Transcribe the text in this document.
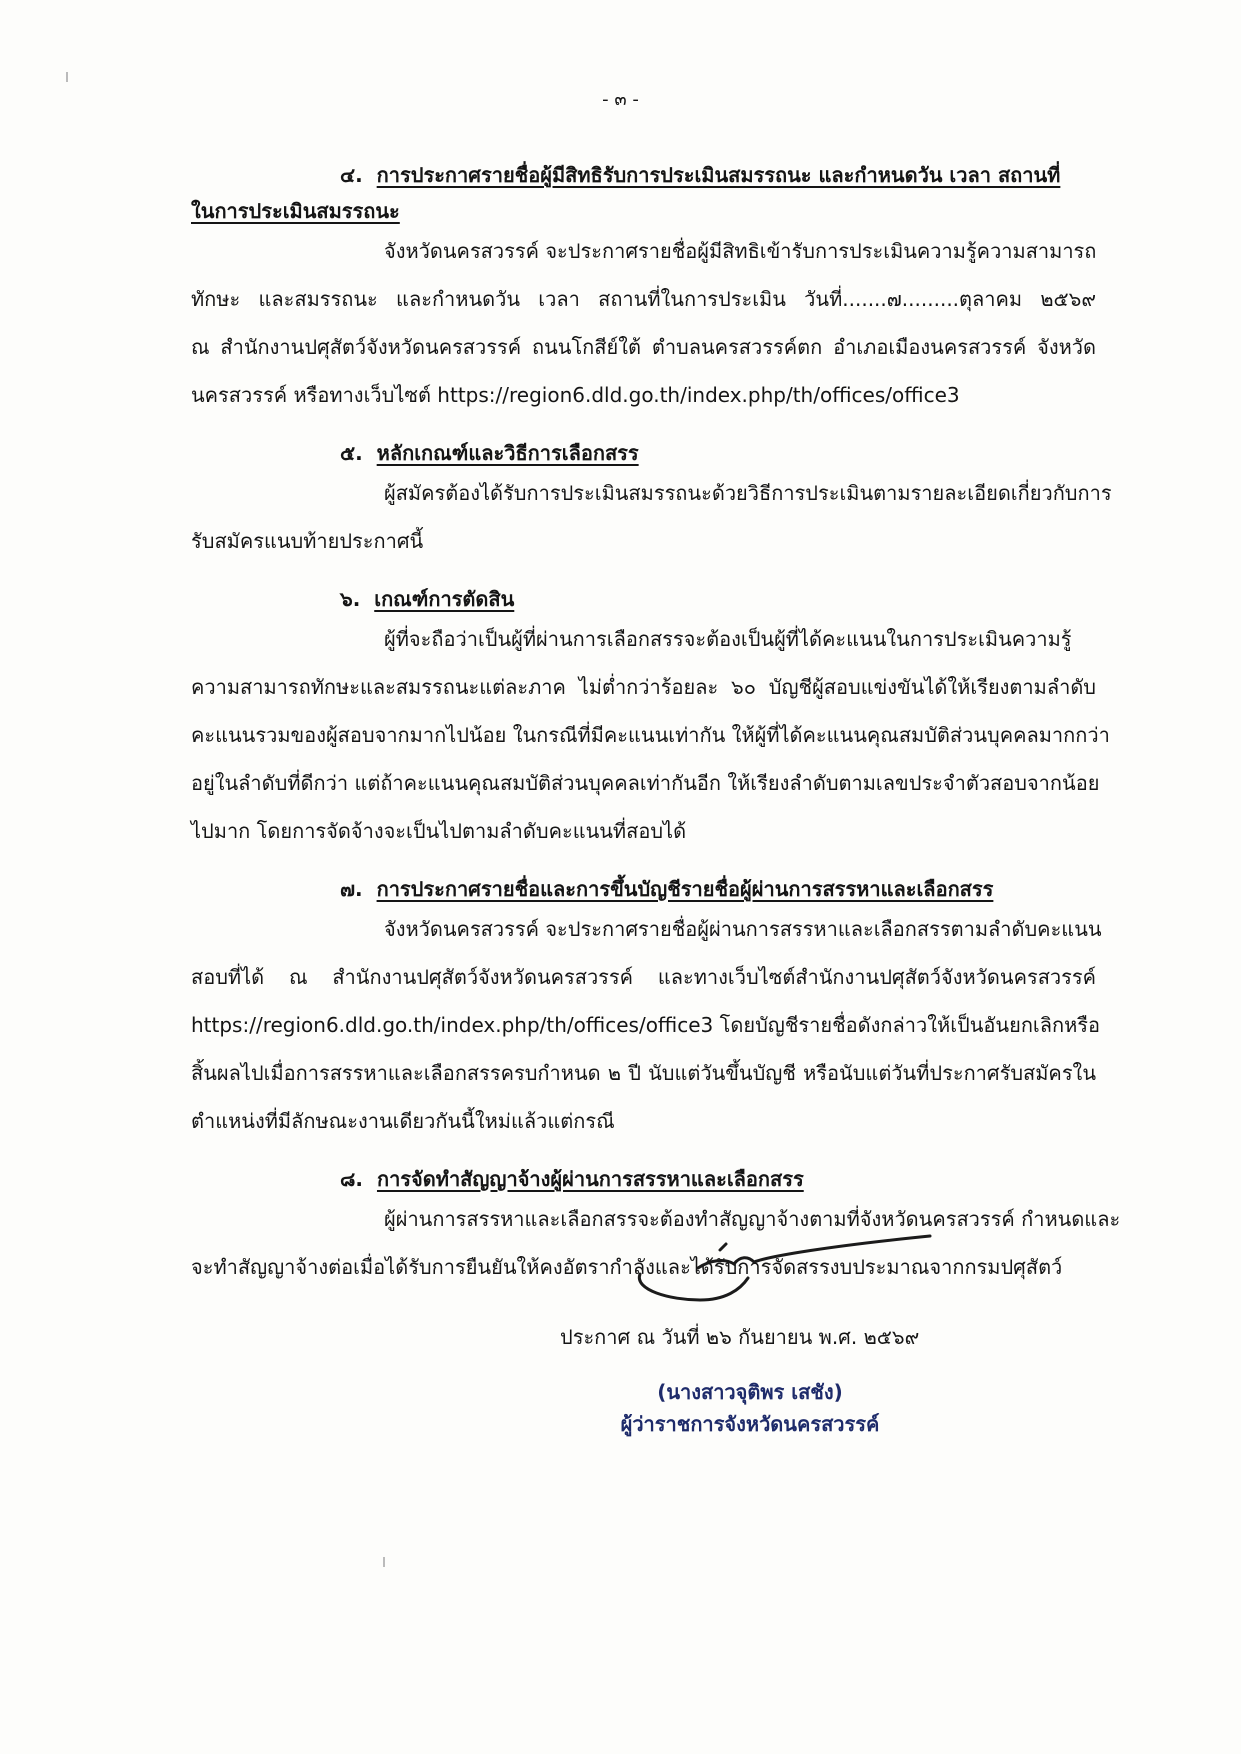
- ๓ -
๔. การประกาศรายชื่อผู้มีสิทธิรับการประเมินสมรรถนะ และกำหนดวัน เวลา สถานที่
ในการประเมินสมรรถนะ
จังหวัดนครสวรรค์ จะประกาศรายชื่อผู้มีสิทธิเข้ารับการประเมินความรู้ความสามารถ
ทักษะ และสมรรถนะ และกำหนดวัน เวลา สถานที่ในการประเมิน วันที่.......๗.........ตุลาคม ๒๕๖๙
ณ สำนักงานปศุสัตว์จังหวัดนครสวรรค์ ถนนโกสีย์ใต้ ตำบลนครสวรรค์ตก อำเภอเมืองนครสวรรค์ จังหวัด
นครสวรรค์ หรือทางเว็บไซต์ https://region6.dld.go.th/index.php/th/offices/office3
๕. หลักเกณฑ์และวิธีการเลือกสรร
ผู้สมัครต้องได้รับการประเมินสมรรถนะด้วยวิธีการประเมินตามรายละเอียดเกี่ยวกับการ
รับสมัครแนบท้ายประกาศนี้
๖. เกณฑ์การตัดสิน
ผู้ที่จะถือว่าเป็นผู้ที่ผ่านการเลือกสรรจะต้องเป็นผู้ที่ได้คะแนนในการประเมินความรู้
ความสามารถทักษะและสมรรถนะแต่ละภาค ไม่ต่ำกว่าร้อยละ ๖๐ บัญชีผู้สอบแข่งขันได้ให้เรียงตามลำดับ
คะแนนรวมของผู้สอบจากมากไปน้อย ในกรณีที่มีคะแนนเท่ากัน ให้ผู้ที่ได้คะแนนคุณสมบัติส่วนบุคคลมากกว่า
อยู่ในลำดับที่ดีกว่า แต่ถ้าคะแนนคุณสมบัติส่วนบุคคลเท่ากันอีก ให้เรียงลำดับตามเลขประจำตัวสอบจากน้อย
ไปมาก โดยการจัดจ้างจะเป็นไปตามลำดับคะแนนที่สอบได้
๗. การประกาศรายชื่อและการขึ้นบัญชีรายชื่อผู้ผ่านการสรรหาและเลือกสรร
จังหวัดนครสวรรค์ จะประกาศรายชื่อผู้ผ่านการสรรหาและเลือกสรรตามลำดับคะแนน
สอบที่ได้ ณ สำนักงานปศุสัตว์จังหวัดนครสวรรค์ และทางเว็บไซต์สำนักงานปศุสัตว์จังหวัดนครสวรรค์
https://region6.dld.go.th/index.php/th/offices/office3 โดยบัญชีรายชื่อดังกล่าวให้เป็นอันยกเลิกหรือ
สิ้นผลไปเมื่อการสรรหาและเลือกสรรครบกำหนด ๒ ปี นับแต่วันขึ้นบัญชี หรือนับแต่วันที่ประกาศรับสมัครใน
ตำแหน่งที่มีลักษณะงานเดียวกันนี้ใหม่แล้วแต่กรณี
๘. การจัดทำสัญญาจ้างผู้ผ่านการสรรหาและเลือกสรร
ผู้ผ่านการสรรหาและเลือกสรรจะต้องทำสัญญาจ้างตามที่จังหวัดนครสวรรค์ กำหนดและ
จะทำสัญญาจ้างต่อเมื่อได้รับการยืนยันให้คงอัตรากำลังและได้รับการจัดสรรงบประมาณจากกรมปศุสัตว์
ประกาศ ณ วันที่ ๒๖ กันยายน พ.ศ. ๒๕๖๙
(นางสาวจุติพร เสชัง)
ผู้ว่าราชการจังหวัดนครสวรรค์
